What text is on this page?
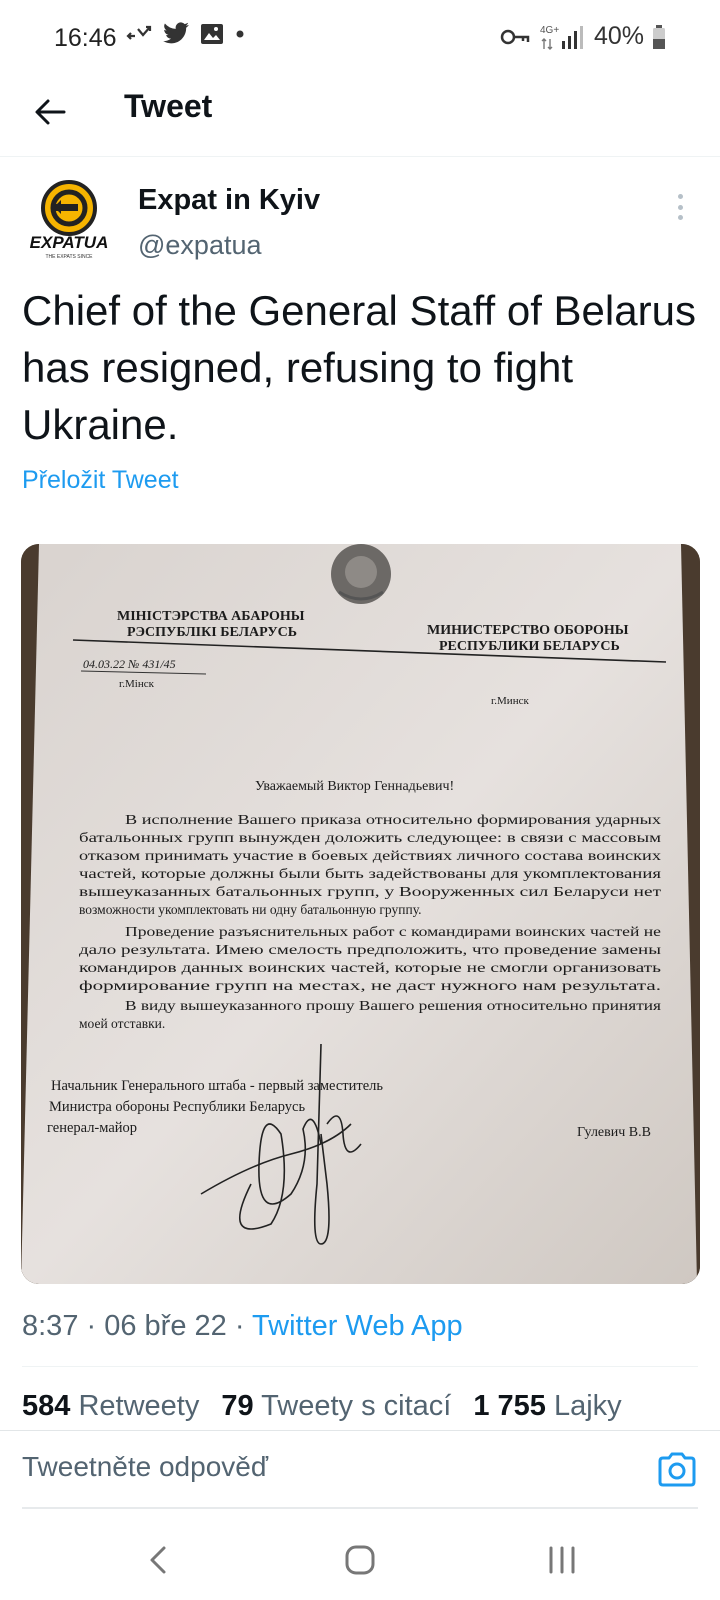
16:46	4G+ 40%
Tweet
EXPATUA
THE EXPATS SINCE
Expat in Kyiv
@expatua
Chief of the General Staff of Belarus has resigned, refusing to fight Ukraine.
Přeložit Tweet
МІНІСТЭРСТВА АБАРОНЫ
РЭСПУБЛІКІ БЕЛАРУСЬ	МИНИСТЕРСТВО ОБОРОНЫ
РЕСПУБЛИКИ БЕЛАРУСЬ
04.03.22 № 431/45
г.Мінск
г.Минск
Уважаемый Виктор Геннадьевич!
В исполнение Вашего приказа относительно формирования ударных
батальонных групп вынужден доложить следующее: в связи с массовым
отказом принимать участие в боевых действиях личного состава воинских
частей, которые должны были быть задействованы для укомплектования
вышеуказанных батальонных групп, у Вооруженных сил Беларуси нет
возможности укомплектовать ни одну батальонную группу.
Проведение разъяснительных работ с командирами воинских частей не
дало результата. Имею смелость предположить, что проведение замены
командиров данных воинских частей, которые не смогли организовать
формирование групп на местах, не даст нужного нам результата.
В виду вышеуказанного прошу Вашего решения относительно принятия
моей отставки.
Начальник Генерального штаба - первый заместитель
Министра обороны Республики Беларусь
генерал-майор	Гулевич В.В
8:37 · 06 bře 22 · Twitter Web App
584 Retweety 79 Tweety s citací 1 755 Lajky
Tweetněte odpověď
